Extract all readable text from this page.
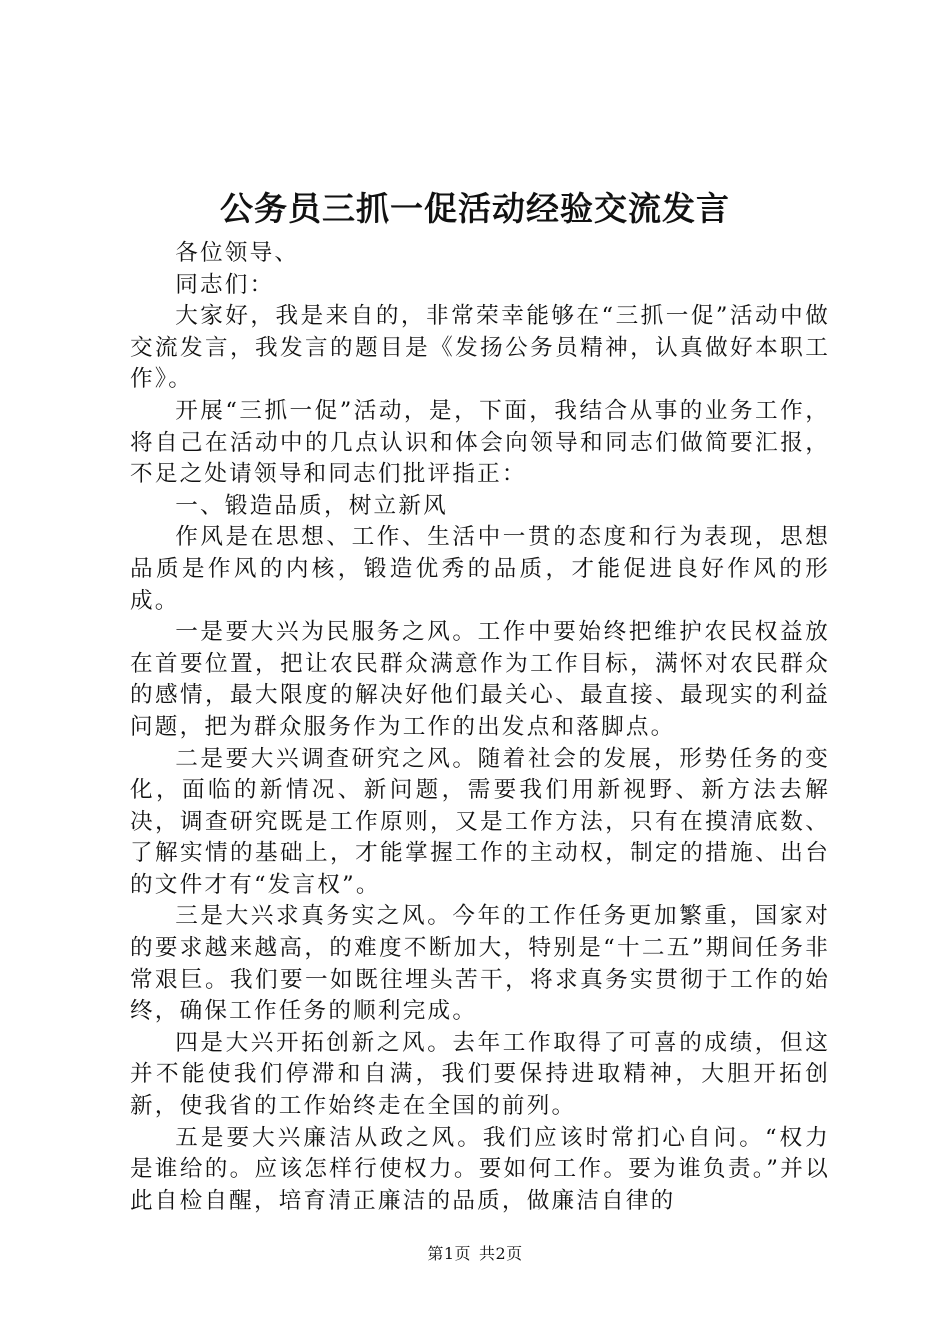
公务员三抓一促活动经验交流发言

各位领导、

同志们：

大家好，我是来自的，非常荣幸能够在“三抓一促”活动中做交流发言，我发言的题目是《发扬公务员精神，认真做好本职工作》。

开展“三抓一促”活动，是，下面，我结合从事的业务工作，将自己在活动中的几点认识和体会向领导和同志们做简要汇报，不足之处请领导和同志们批评指正：

一、锻造品质，树立新风

作风是在思想、工作、生活中一贯的态度和行为表现，思想品质是作风的内核，锻造优秀的品质，才能促进良好作风的形成。

一是要大兴为民服务之风。工作中要始终把维护农民权益放在首要位置，把让农民群众满意作为工作目标，满怀对农民群众的感情，最大限度的解决好他们最关心、最直接、最现实的利益问题，把为群众服务作为工作的出发点和落脚点。

二是要大兴调查研究之风。随着社会的发展，形势任务的变化，面临的新情况、新问题，需要我们用新视野、新方法去解决，调查研究既是工作原则，又是工作方法，只有在摸清底数、了解实情的基础上，才能掌握工作的主动权，制定的措施、出台的文件才有“发言权”。

三是大兴求真务实之风。今年的工作任务更加繁重，国家对的要求越来越高，的难度不断加大，特别是“十二五”期间任务非常艰巨。我们要一如既往埋头苦干，将求真务实贯彻于工作的始终，确保工作任务的顺利完成。

四是大兴开拓创新之风。去年工作取得了可喜的成绩，但这并不能使我们停滞和自满，我们要保持进取精神，大胆开拓创新，使我省的工作始终走在全国的前列。

五是要大兴廉洁从政之风。我们应该时常扪心自问。“权力是谁给的。应该怎样行使权力。要如何工作。要为谁负责。”并以此自检自醒，培育清正廉洁的品质，做廉洁自律的

第1页 共2页
